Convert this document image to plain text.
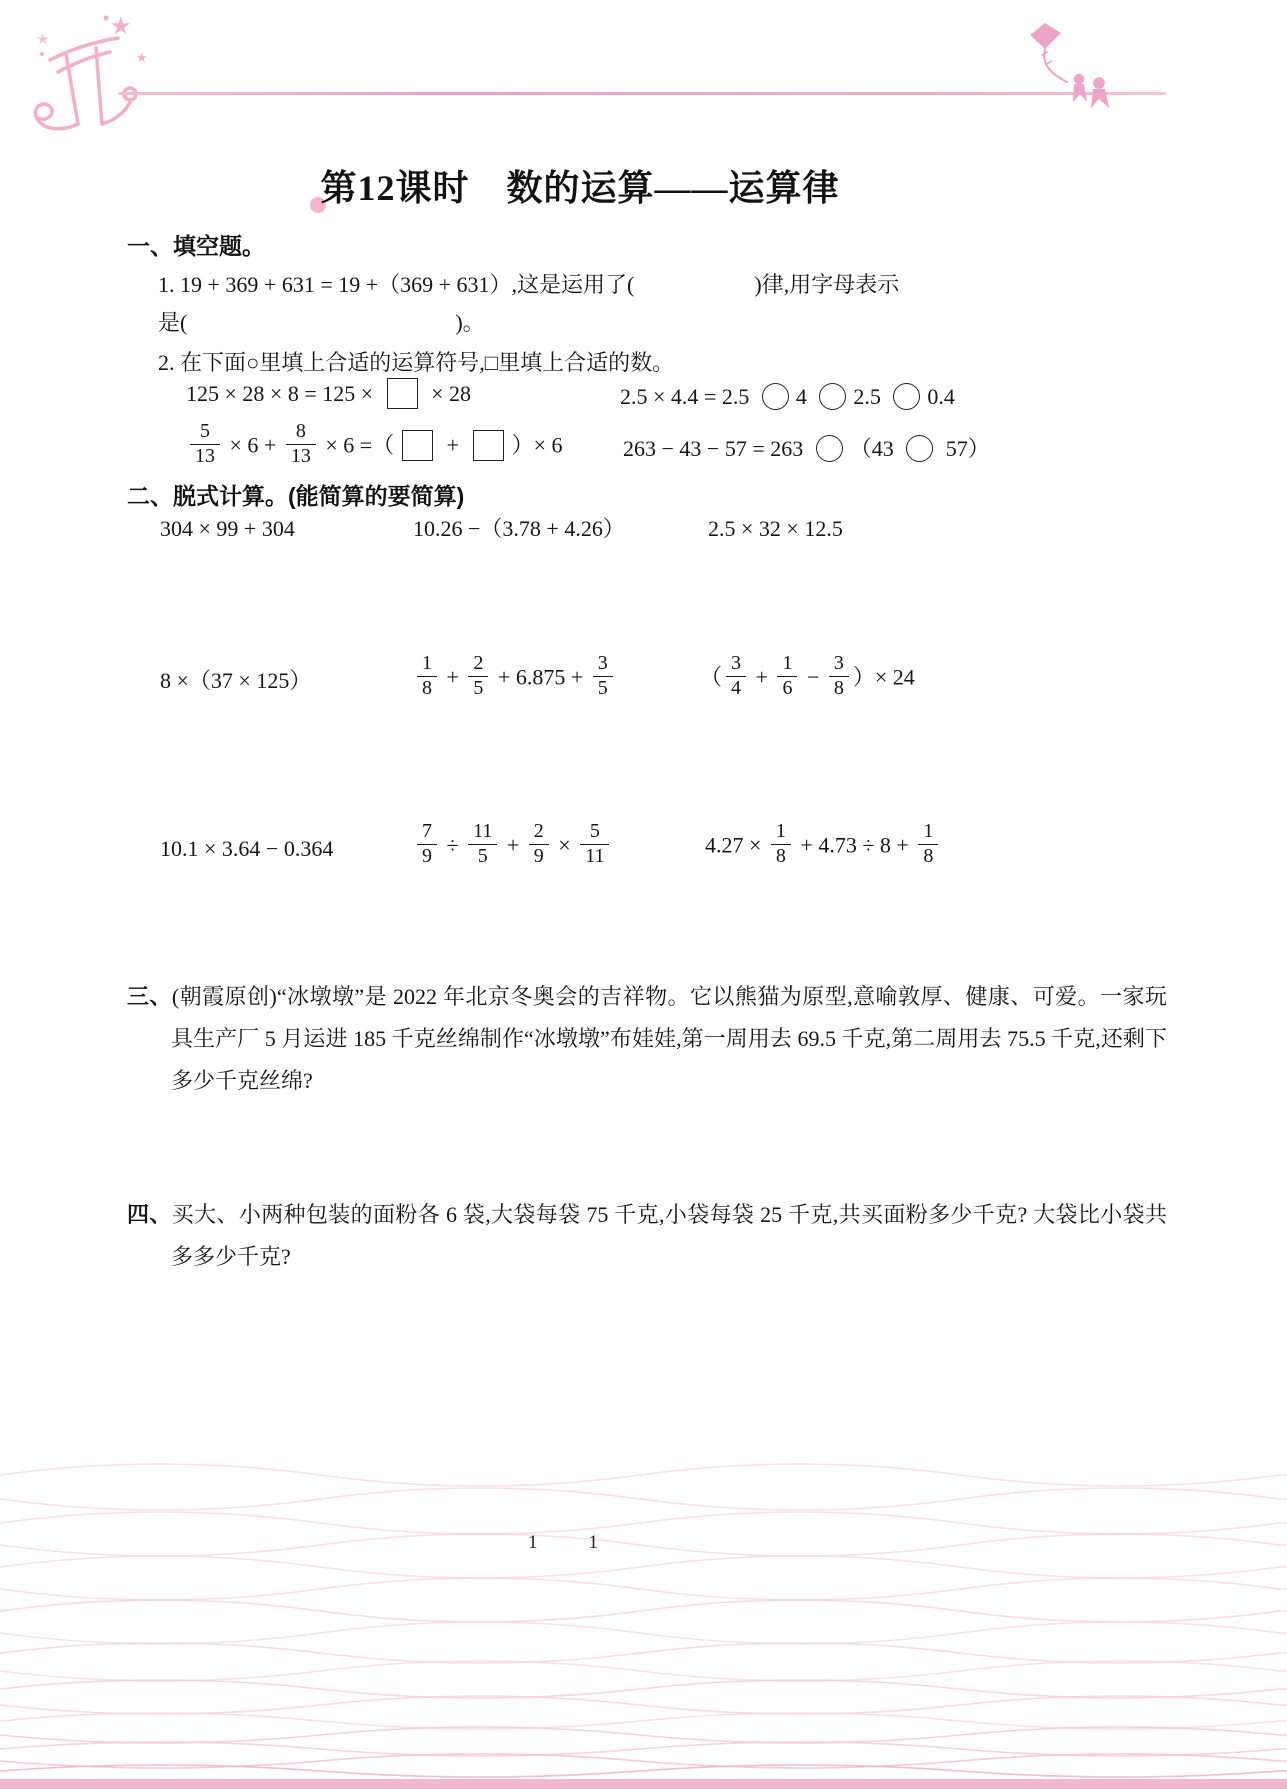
★
★
★
第12课时　数的运算——运算律
一、填空题。
1. 19 + 369 + 631 = 19 +（369 + 631）,这是运用了(	)律,用字母表示
是(	)。
2. 在下面○里填上合适的运算符号,□里填上合适的数。
125 × 28 × 8 = 125 ×  × 28	2.5 × 4.4 = 2.5 4 2.5 0.4
$\frac{5}{13} \times 6 + \frac{8}{13} \times 6$ =（ + ）× 6	263 − 43 − 57 = 263 （43  57）
二、脱式计算。(能简算的要简算)
304 × 99 + 304	10.26 −（3.78 + 4.26）	2.5 × 32 × 12.5
8 ×（37 × 125）	$\frac{1}{8} + \frac{2}{5} + 6.875 + \frac{3}{5}$	（ $\frac{3}{4} + \frac{1}{6} - \frac{3}{8}$ ）× 24
10.1 × 3.64 − 0.364	$\frac{7}{9} \div \frac{11}{5} + \frac{2}{9} \times \frac{5}{11}$	$4.27 \times \frac{1}{8} + 4.73 \div 8 + \frac{1}{8}$

三、(朝霞原创)“冰墩墩”是 2022 年北京冬奥会的吉祥物。它以熊猫为原型,意喻敦厚、健康、可爱。一家玩具生产厂 5 月运进 185 千克丝绵制作“冰墩墩”布娃娃,第一周用去 69.5 千克,第二周用去 75.5 千克,还剩下多少千克丝绵?

四、买大、小两种包装的面粉各 6 袋,大袋每袋 75 千克,小袋每袋 25 千克,共买面粉多少千克? 大袋比小袋共多多少千克?

1	1
